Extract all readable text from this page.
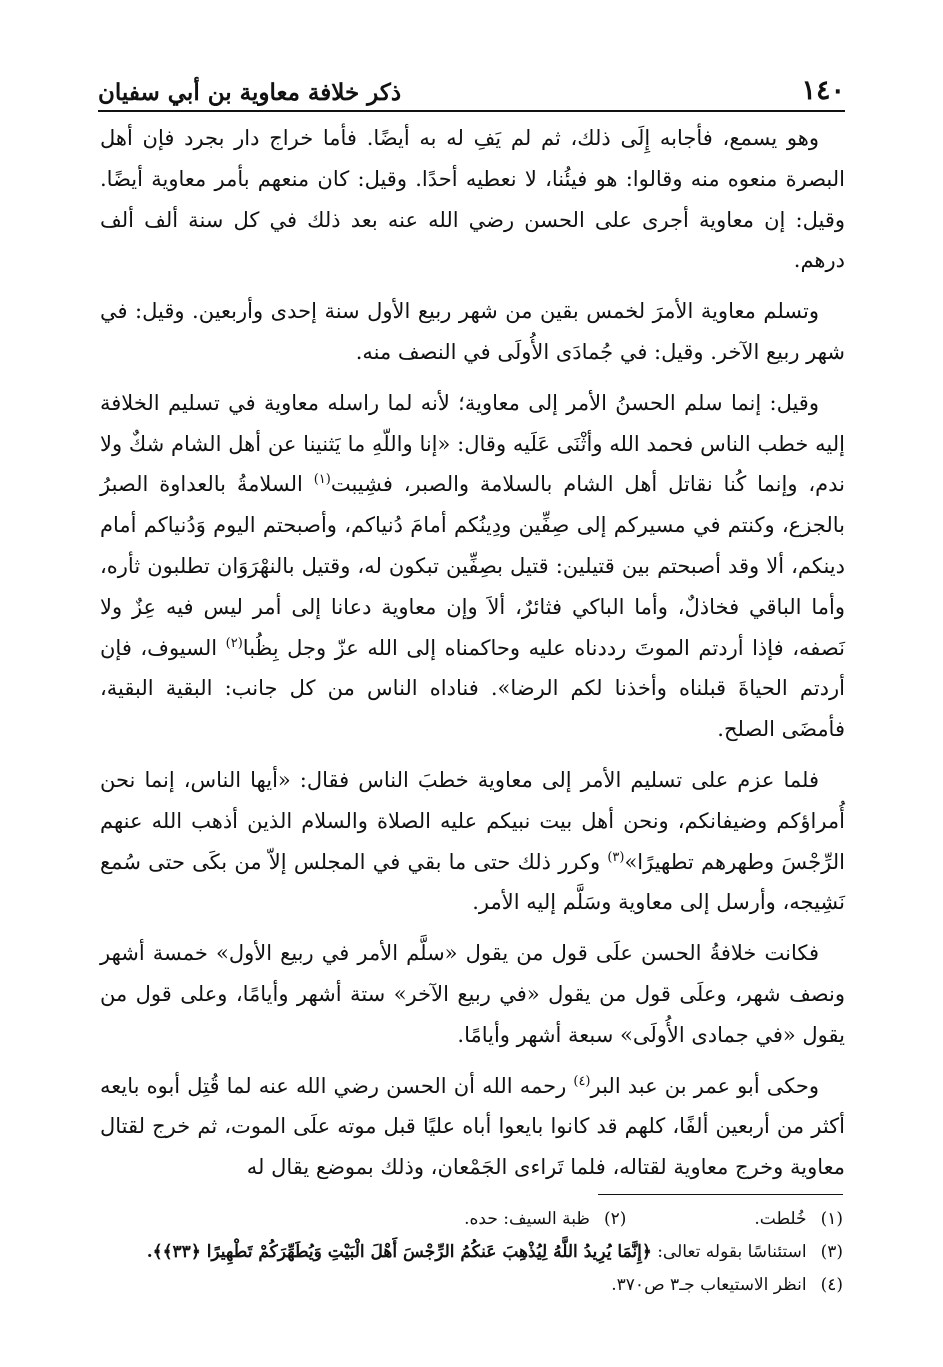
١٤٠
ذكر خلافة معاوية بن أبي سفيان

وهو يسمع، فأجابه إِلَى ذلك، ثم لم يَفِ له به أيضًا. فأما خراج دار بجرد فإن أهل البصرة منعوه منه وقالوا: هو فيئُنا، لا نعطيه أحدًا. وقيل: كان منعهم بأمر معاوية أيضًا. وقيل: إن معاوية أجرى على الحسن رضي الله عنه بعد ذلك في كل سنة ألف ألف درهم.

وتسلم معاوية الأمرَ لخمس بقين من شهر ربيع الأول سنة إحدى وأربعين. وقيل: في شهر ربيع الآخر. وقيل: في جُمادَى الأُولَى في النصف منه.

وقيل: إنما سلم الحسنُ الأمر إلى معاوية؛ لأنه لما راسله معاوية في تسليم الخلافة إليه خطب الناس فحمد الله وأثْنَى عَلَيه وقال: «إنا واللّهِ ما يَثنينا عن أهل الشام شكٌ ولا ندم، وإنما كُنا نقاتل أهل الشام بالسلامة والصبر، فشِيبت$^{(١)}$ السلامةُ بالعداوة الصبرُ بالجزع، وكنتم في مسيركم إلى صِفِّين ودِينُكم أمامَ دُنياكم، وأصبحتم اليوم وَدُنياكم أمام دينكم، ألا وقد أصبحتم بين قتيلين: قتيل بصِفِّين تبكون له، وقتيل بالنهْرَوَان تطلبون ثأره، وأما الباقي فخاذلٌ، وأما الباكي فثائرٌ، ألاَ وإن معاوية دعانا إلى أمر ليس فيه عِزٌ ولا نَصفه، فإذا أردتم الموتَ رددناه عليه وحاكمناه إلى الله عزّ وجل بِظُبا$^{(٢)}$ السيوف، فإن أردتم الحياةَ قبلناه وأخذنا لكم الرضا». فناداه الناس من كل جانب: البقية البقية، فأمضَى الصلح.

فلما عزم على تسليم الأمر إلى معاوية خطبَ الناس فقال: «أيها الناس، إنما نحن أُمراؤكم وضيفانكم، ونحن أهل بيت نبيكم عليه الصلاة والسلام الذين أذهب الله عنهم الرِّجْسَ وطهرهم تطهيرًا»$^{(٣)}$ وكرر ذلك حتى ما بقي في المجلس إلاّ من بكَى حتى سُمع نَشِيجه، وأرسل إلى معاوية وسَلَّم إليه الأمر.

فكانت خلافةُ الحسن علَى قول من يقول «سلَّم الأمر في ربيع الأول» خمسة أشهر ونصف شهر، وعلَى قول من يقول «في ربيع الآخر» ستة أشهر وأيامًا، وعلى قول من يقول «في جمادى الأُولَى» سبعة أشهر وأيامًا.

وحكى أبو عمر بن عبد البر$^{(٤)}$ رحمه الله أن الحسن رضي الله عنه لما قُتِل أبوه بايعه أكثر من أربعين ألفًا، كلهم قد كانوا بايعوا أباه عليًا قبل موته علَى الموت، ثم خرج لقتال معاوية وخرج معاوية لقتاله، فلما تَراءى الجَمْعان، وذلك بموضع يقال له

(١)
خُلطت.
(٢)
ظبة السيف: حده.
(٣)
استئناسًا بقوله تعالى: ﴿إِنَّمَا يُرِيدُ اللَّهُ لِيُذْهِبَ عَنكُمُ الرِّجْسَ أَهْلَ الْبَيْتِ وَيُطَهِّرَكُمْ تَطْهِيرًا ﴿٣٣﴾﴾.
(٤)
انظر الاستيعاب جـ٣ ص٣٧٠.
